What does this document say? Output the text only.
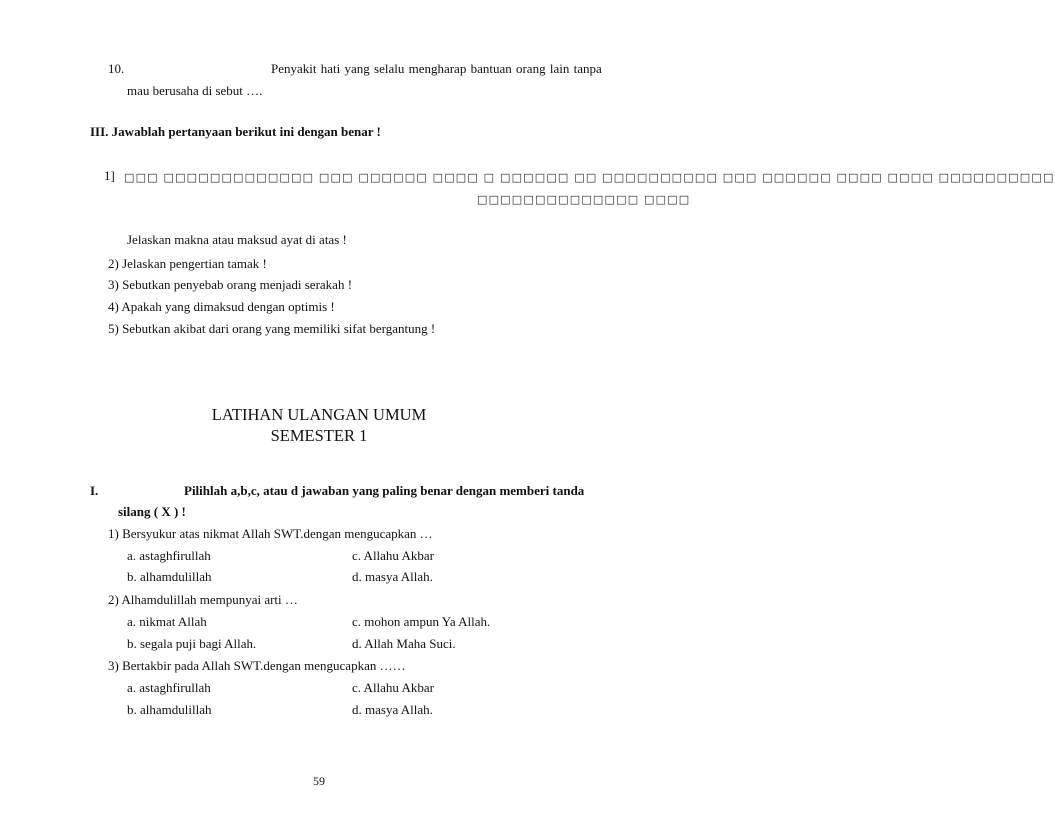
10.	Penyakit hati yang selalu mengharap bantuan orang lain tanpa
mau berusaha di sebut ….
III. Jawablah pertanyaan berikut ini dengan benar !
1] □□□ □□□□□□□□□□□□□ □□□ □□□□□□ □□□□ □ □□□□□□ □□ □□□□□□□□□□ □□□ □□□□□□ □□□□ □□□□ □□□□□□□□□□
□□□□□□□□□□□□□□ □□□□
Jelaskan makna atau maksud ayat di atas !
2) Jelaskan pengertian tamak !
3) Sebutkan penyebab orang menjadi serakah !
4) Apakah yang dimaksud dengan optimis !
5) Sebutkan akibat dari orang yang memiliki sifat bergantung !
LATIHAN ULANGAN UMUM
SEMESTER 1
I.	Pilihlah a,b,c, atau d jawaban yang paling benar dengan memberi tanda
silang ( X ) !
1) Bersyukur atas nikmat Allah SWT.dengan mengucapkan …
a. astaghfirullah	c. Allahu Akbar
b. alhamdulillah	d. masya Allah.
2) Alhamdulillah mempunyai arti …
a. nikmat Allah	c. mohon ampun Ya Allah.
b. segala puji bagi Allah.	d. Allah Maha Suci.
3) Bertakbir pada Allah SWT.dengan mengucapkan ……
a. astaghfirullah	c. Allahu Akbar
b. alhamdulillah	d. masya Allah.
59
